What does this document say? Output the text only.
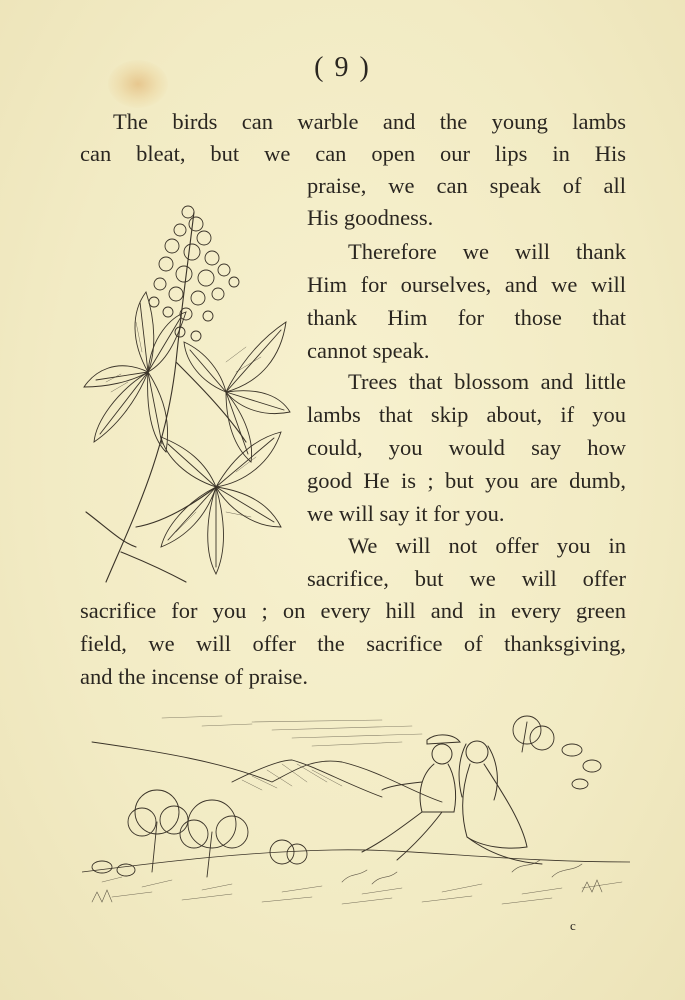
( 9 )
The birds can warble and the young lambs
can bleat, but we can open our lips in His
praise, we can speak of all
His goodness.
Therefore we will thank
Him for ourselves, and we will
thank Him for those that
cannot speak.
Trees that blossom and little
lambs that skip about, if you
could, you would say how
good He is ; but you are dumb,
we will say it for you.
We will not offer you in
sacrifice, but we will offer
sacrifice for you ; on every hill and in every green
field, we will offer the sacrifice of thanksgiving,
and the incense of praise.
c
